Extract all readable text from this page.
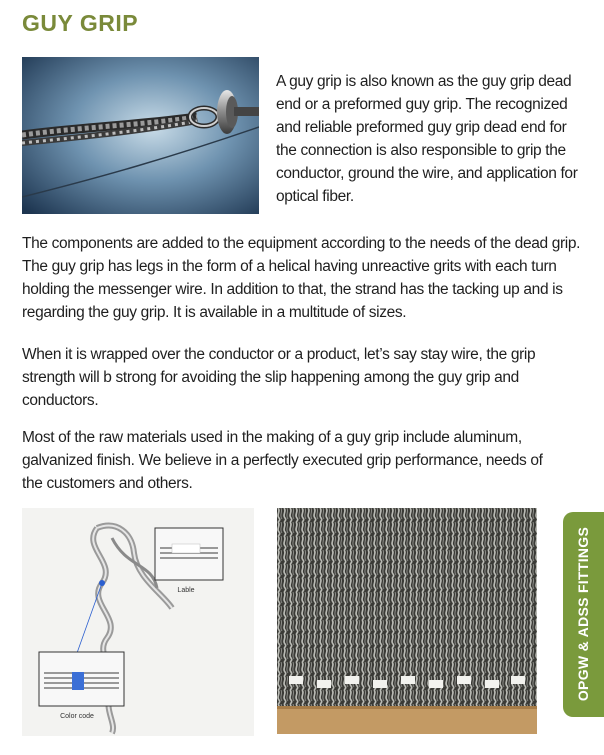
GUY GRIP
A guy grip is also known as the guy grip dead end or a preformed guy grip. The recognized and reliable preformed guy grip dead end for the connection is also responsible to grip the conductor, ground the wire, and application for optical fiber.
The components are added to the equipment according to the needs of the dead grip. The guy grip has legs in the form of a helical having unreactive grits with each turn holding the messenger wire. In addition to that, the strand has the tacking up and is regarding the guy grip. It is available in a multitude of sizes.
When it is wrapped over the conductor or a product, let’s say stay wire, the grip strength will b strong for avoiding the slip happening among the guy grip and conductors.
Most of the raw materials used in the making of a guy grip include aluminum, galvanized finish. We believe in a perfectly executed grip performance, needs of the customers and others.
Lable
Color code
OPGW & ADSS FITTINGS
